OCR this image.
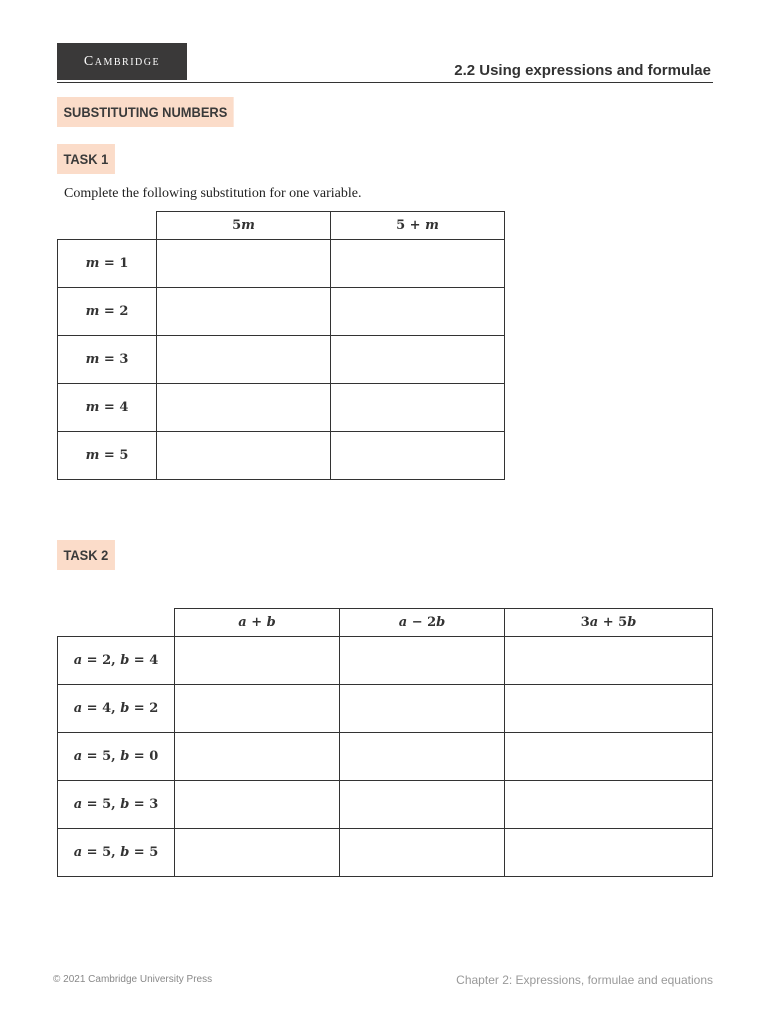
Cambridge
2.2 Using expressions and formulae
SUBSTITUTING NUMBERS
TASK 1
Complete the following substitution for one variable.
	5m	5 + m
m = 1		
m = 2		
m = 3		
m = 4		
m = 5		
TASK 2
	a + b	a − 2b	3a + 5b
a = 2, b = 4			
a = 4, b = 2			
a = 5, b = 0			
a = 5, b = 3			
a = 5, b = 5			
© 2021 Cambridge University Press	Chapter 2: Expressions, formulae and equations
